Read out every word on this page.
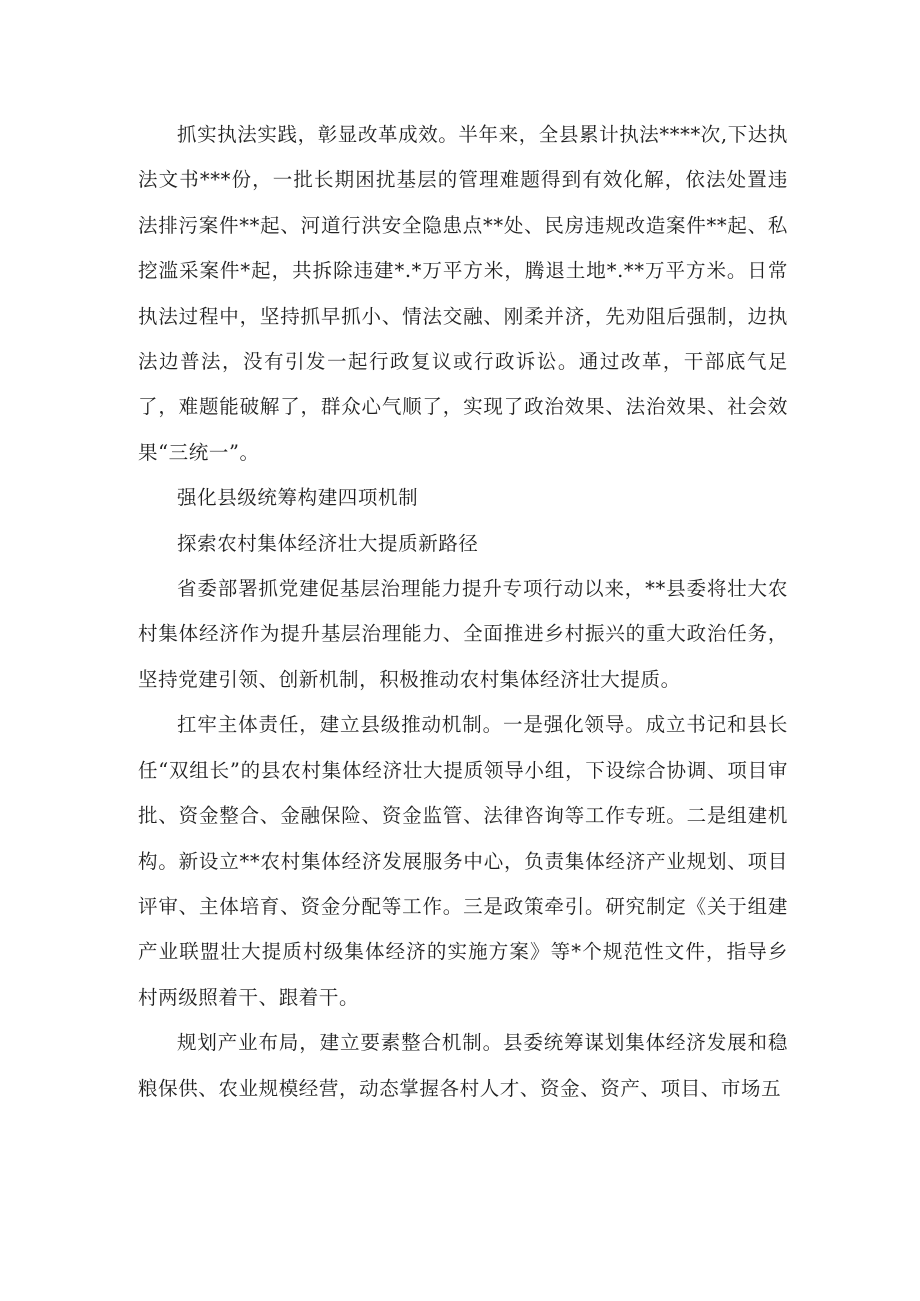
抓实执法实践，彰显改革成效。半年来，全县累计执法****次,下达执法文书***份，一批长期困扰基层的管理难题得到有效化解，依法处置违法排污案件**起、河道行洪安全隐患点**处、民房违规改造案件**起、私挖滥采案件*起，共拆除违建*.*万平方米，腾退土地*.**万平方米。日常执法过程中，坚持抓早抓小、情法交融、刚柔并济，先劝阻后强制，边执法边普法，没有引发一起行政复议或行政诉讼。通过改革，干部底气足了，难题能破解了，群众心气顺了，实现了政治效果、法治效果、社会效果“三统一”。

强化县级统筹构建四项机制

探索农村集体经济壮大提质新路径

省委部署抓党建促基层治理能力提升专项行动以来，**县委将壮大农村集体经济作为提升基层治理能力、全面推进乡村振兴的重大政治任务，坚持党建引领、创新机制，积极推动农村集体经济壮大提质。

扛牢主体责任，建立县级推动机制。一是强化领导。成立书记和县长任“双组长”的县农村集体经济壮大提质领导小组，下设综合协调、项目审批、资金整合、金融保险、资金监管、法律咨询等工作专班。二是组建机构。新设立**农村集体经济发展服务中心，负责集体经济产业规划、项目评审、主体培育、资金分配等工作。三是政策牵引。研究制定《关于组建产业联盟壮大提质村级集体经济的实施方案》等*个规范性文件，指导乡村两级照着干、跟着干。

规划产业布局，建立要素整合机制。县委统筹谋划集体经济发展和稳粮保供、农业规模经营，动态掌握各村人才、资金、资产、项目、市场五
